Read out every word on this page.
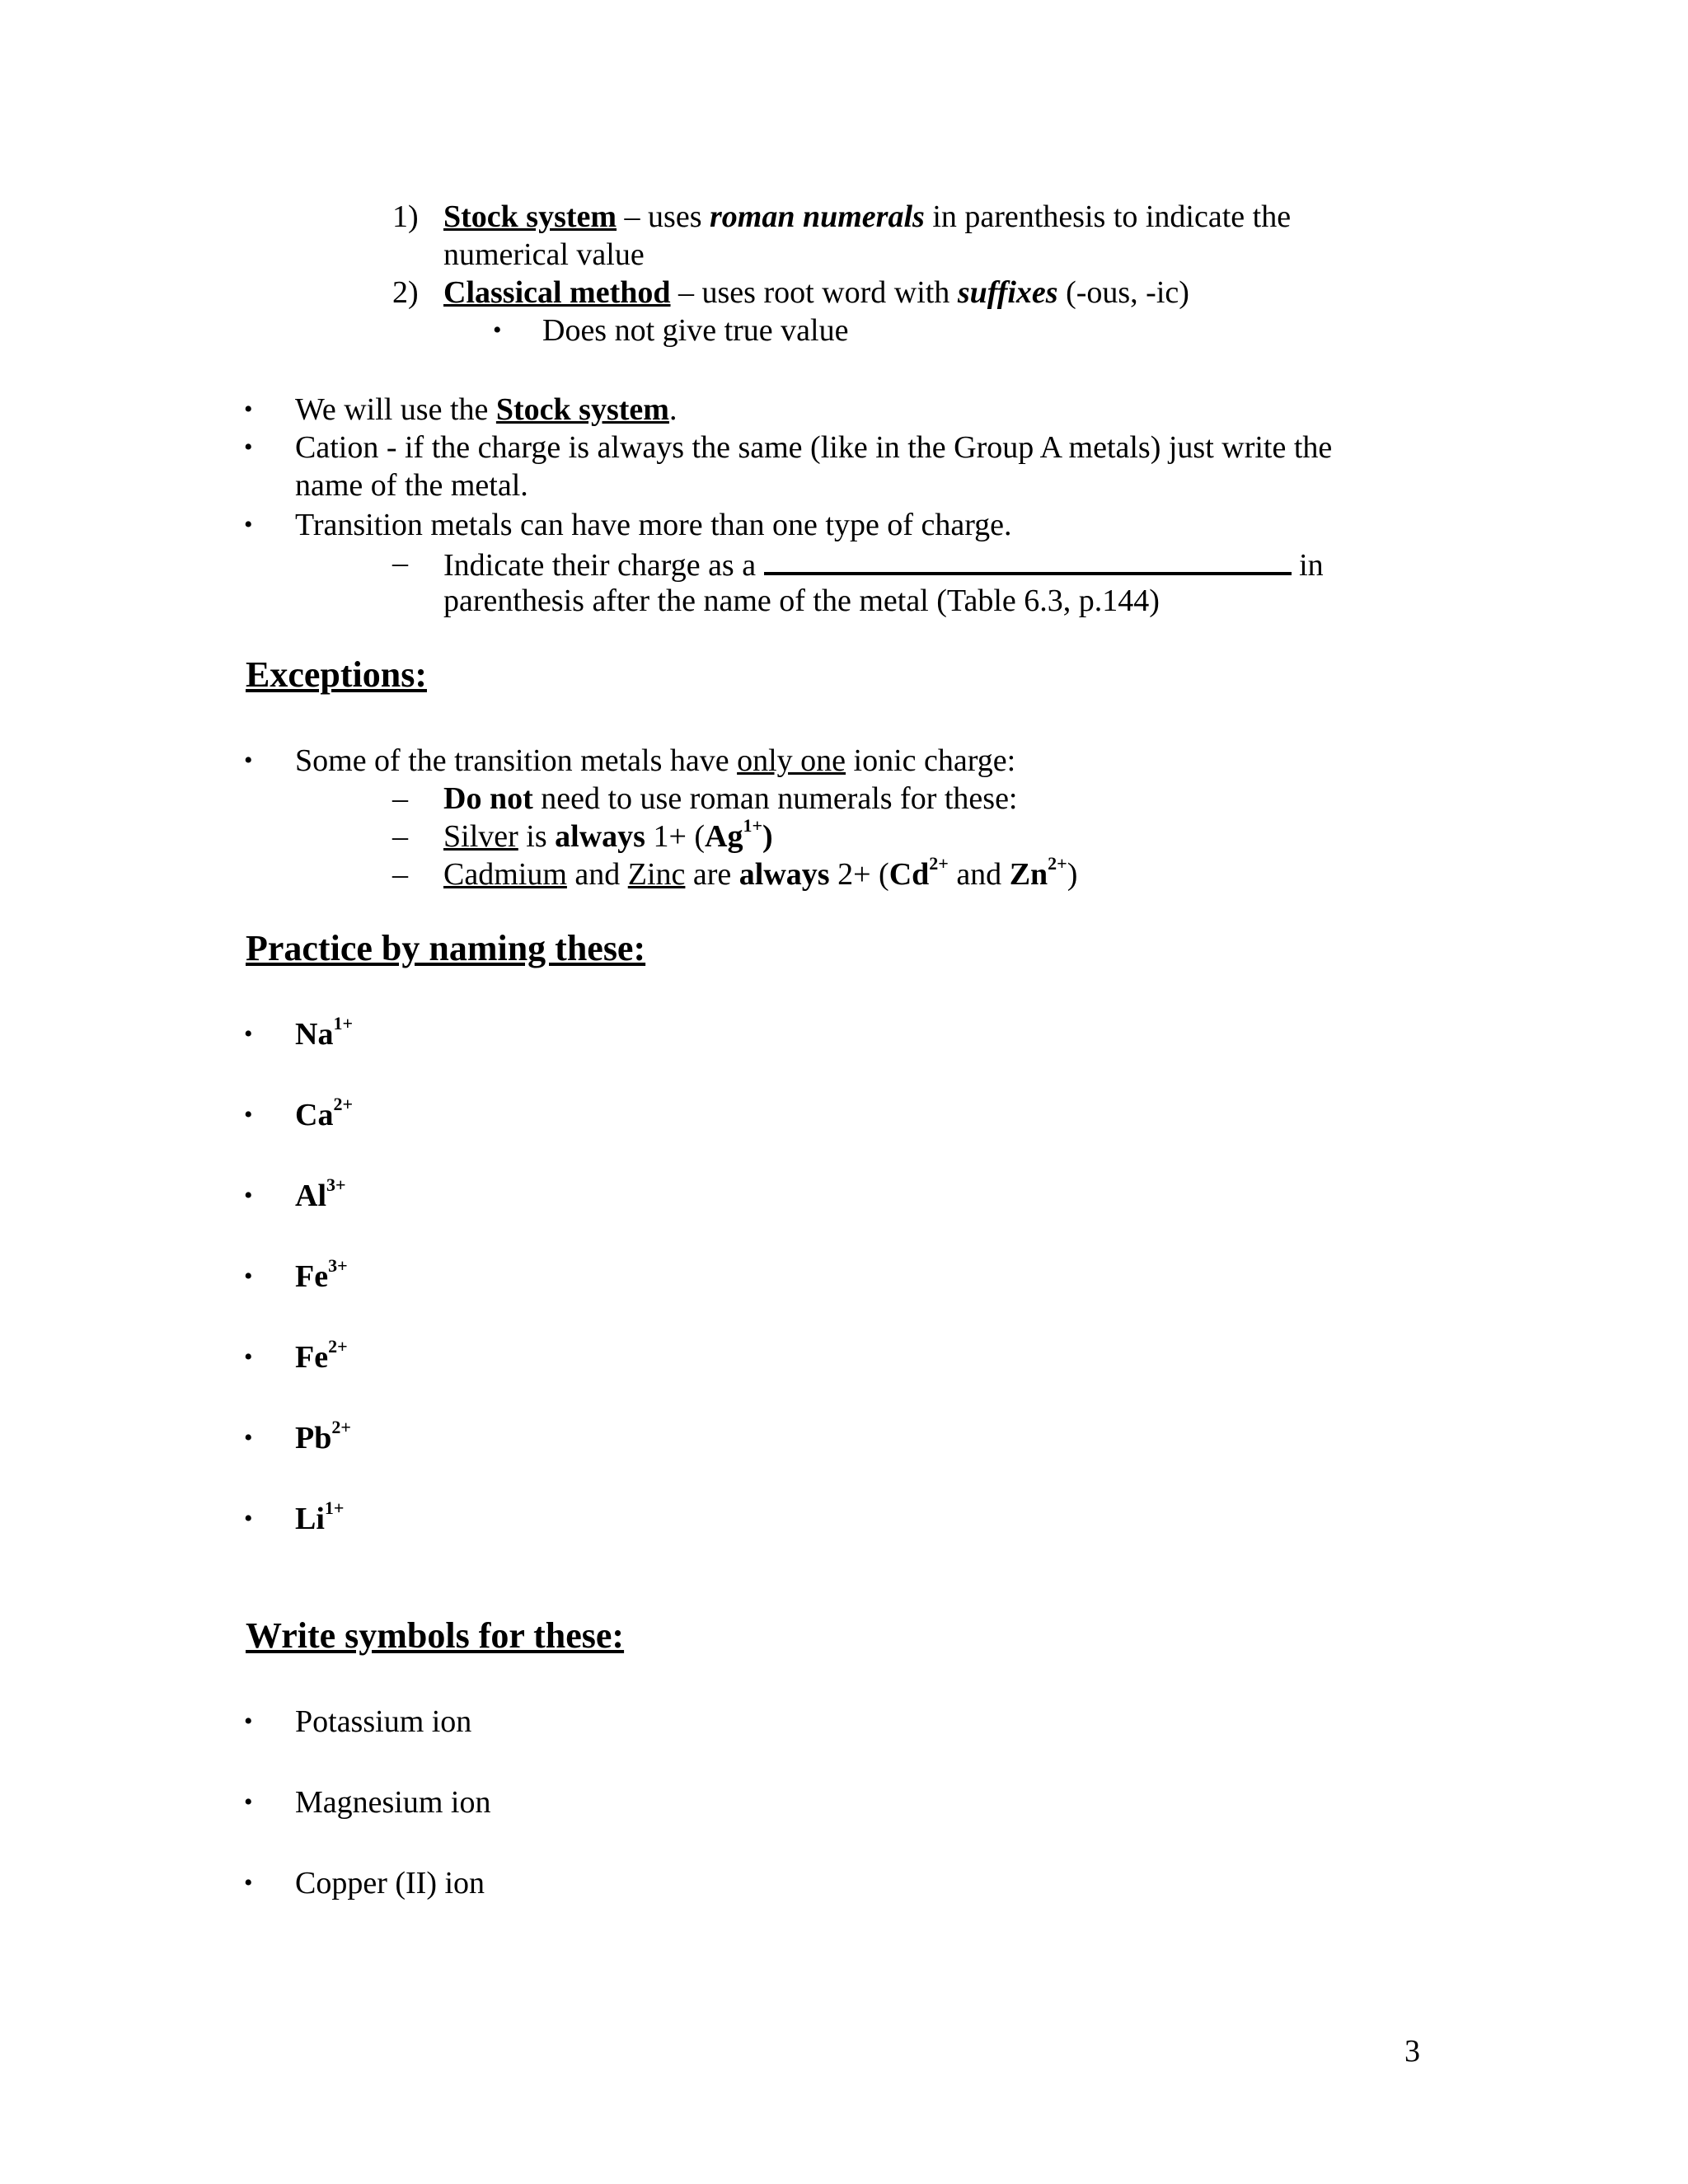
1) Stock system – uses roman numerals in parenthesis to indicate the
numerical value
2) Classical method – uses root word with suffixes (-ous, -ic)
• Does not give true value
• We will use the Stock system.
• Cation - if the charge is always the same (like in the Group A metals) just write the
name of the metal.
• Transition metals can have more than one type of charge.
– Indicate their charge as a	in
parenthesis after the name of the metal (Table 6.3, p.144)
Exceptions:
• Some of the transition metals have only one ionic charge:
– Do not need to use roman numerals for these:
– Silver is always $1+ (Ag^{1+})$
– Cadmium and Zinc are always $2+ (Cd^{2+}$ and $Zn^{2+}$)
Practice by naming these:
• $Na^{1+}$
• $Ca^{2+}$
• $Al^{3+}$
• $Fe^{3+}$
• $Fe^{2+}$
• $Pb^{2+}$
• $Li^{1+}$
Write symbols for these:
• Potassium ion
• Magnesium ion
• Copper (II) ion
3
